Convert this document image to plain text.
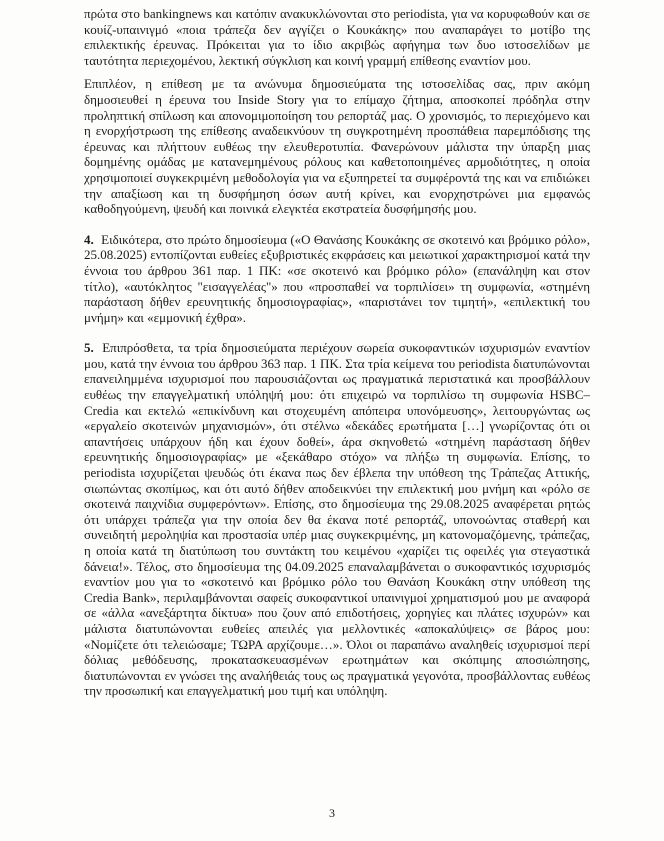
πρώτα στο bankingnews και κατόπιν ανακυκλώνονται στο periodista, για να κορυφωθούν και σε κουίζ-υπαινιγμό «ποια τράπεζα δεν αγγίζει ο Κουκάκης» που αναπαράγει το μοτίβο της επιλεκτικής έρευνας. Πρόκειται για το ίδιο ακριβώς αφήγημα των δυο ιστοσελίδων με ταυτότητα περιεχομένου, λεκτική σύγκλιση και κοινή γραμμή επίθεσης εναντίον μου.

Επιπλέον, η επίθεση με τα ανώνυμα δημοσιεύματα της ιστοσελίδας σας, πριν ακόμη δημοσιευθεί η έρευνα του Inside Story για το επίμαχο ζήτημα, αποσκοπεί πρόδηλα στην προληπτική σπίλωση και απονομιμοποίηση του ρεπορτάζ μας. Ο χρονισμός, το περιεχόμενο και η ενορχήστρωση της επίθεσης αναδεικνύουν τη συγκροτημένη προσπάθεια παρεμπόδισης της έρευνας και πλήττουν ευθέως την ελευθεροτυπία. Φανερώνουν μάλιστα την ύπαρξη μιας δομημένης ομάδας με κατανεμημένους ρόλους και καθετοποιημένες αρμοδιότητες, η οποία χρησιμοποιεί συγκεκριμένη μεθοδολογία για να εξυπηρετεί τα συμφέροντά της και να επιδιώκει την απαξίωση και τη δυσφήμηση όσων αυτή κρίνει, και ενορχηστρώνει μια εμφανώς καθοδηγούμενη, ψευδή και ποινικά ελεγκτέα εκστρατεία δυσφήμησής μου.

4. Ειδικότερα, στο πρώτο δημοσίευμα («Ο Θανάσης Κουκάκης σε σκοτεινό και βρόμικο ρόλο», 25.08.2025) εντοπίζονται ευθείες εξυβριστικές εκφράσεις και μειωτικοί χαρακτηρισμοί κατά την έννοια του άρθρου 361 παρ. 1 ΠΚ: «σε σκοτεινό και βρόμικο ρόλο» (επανάληψη και στον τίτλο), «αυτόκλητος "εισαγγελέας"» που «προσπαθεί να τορπιλίσει» τη συμφωνία, «στημένη παράσταση δήθεν ερευνητικής δημοσιογραφίας», «παριστάνει τον τιμητή», «επιλεκτική του μνήμη» και «εμμονική έχθρα».

5. Επιπρόσθετα, τα τρία δημοσιεύματα περιέχουν σωρεία συκοφαντικών ισχυρισμών εναντίον μου, κατά την έννοια του άρθρου 363 παρ. 1 ΠΚ. Στα τρία κείμενα του periodista διατυπώνονται επανειλημμένα ισχυρισμοί που παρουσιάζονται ως πραγματικά περιστατικά και προσβάλλουν ευθέως την επαγγελματική υπόληψή μου: ότι επιχειρώ να τορπιλίσω τη συμφωνία HSBC–Credia και εκτελώ «επικίνδυνη και στοχευμένη απόπειρα υπονόμευσης», λειτουργώντας ως «εργαλείο σκοτεινών μηχανισμών», ότι στέλνω «δεκάδες ερωτήματα […] γνωρίζοντας ότι οι απαντήσεις υπάρχουν ήδη και έχουν δοθεί», άρα σκηνοθετώ «στημένη παράσταση δήθεν ερευνητικής δημοσιογραφίας» με «ξεκάθαρο στόχο» να πλήξω τη συμφωνία. Επίσης, το periodista ισχυρίζεται ψευδώς ότι έκανα πως δεν έβλεπα την υπόθεση της Τράπεζας Αττικής, σιωπώντας σκοπίμως, και ότι αυτό δήθεν αποδεικνύει την επιλεκτική μου μνήμη και «ρόλο σε σκοτεινά παιχνίδια συμφερόντων». Επίσης, στο δημοσίευμα της 29.08.2025 αναφέρεται ρητώς ότι υπάρχει τράπεζα για την οποία δεν θα έκανα ποτέ ρεπορτάζ, υπονοώντας σταθερή και συνειδητή μεροληψία και προστασία υπέρ μιας συγκεκριμένης, μη κατονομαζόμενης, τράπεζας, η οποία κατά τη διατύπωση του συντάκτη του κειμένου «χαρίζει τις οφειλές για στεγαστικά δάνεια!». Τέλος, στο δημοσίευμα της 04.09.2025 επαναλαμβάνεται ο συκοφαντικός ισχυρισμός εναντίον μου για το «σκοτεινό και βρόμικο ρόλο του Θανάση Κουκάκη στην υπόθεση της Credia Bank», περιλαμβάνονται σαφείς συκοφαντικοί υπαινιγμοί χρηματισμού μου με αναφορά σε «άλλα «ανεξάρτητα δίκτυα» που ζουν από επιδοτήσεις, χορηγίες και πλάτες ισχυρών» και μάλιστα διατυπώνονται ευθείες απειλές για μελλοντικές «αποκαλύψεις» σε βάρος μου: «Νομίζετε ότι τελειώσαμε; ΤΩΡΑ αρχίζουμε…». Όλοι οι παραπάνω αναληθείς ισχυρισμοί περί δόλιας μεθόδευσης, προκατασκευασμένων ερωτημάτων και σκόπιμης αποσιώπησης, διατυπώνονται εν γνώσει της αναλήθειάς τους ως πραγματικά γεγονότα, προσβάλλοντας ευθέως την προσωπική και επαγγελματική μου τιμή και υπόληψη.

3
